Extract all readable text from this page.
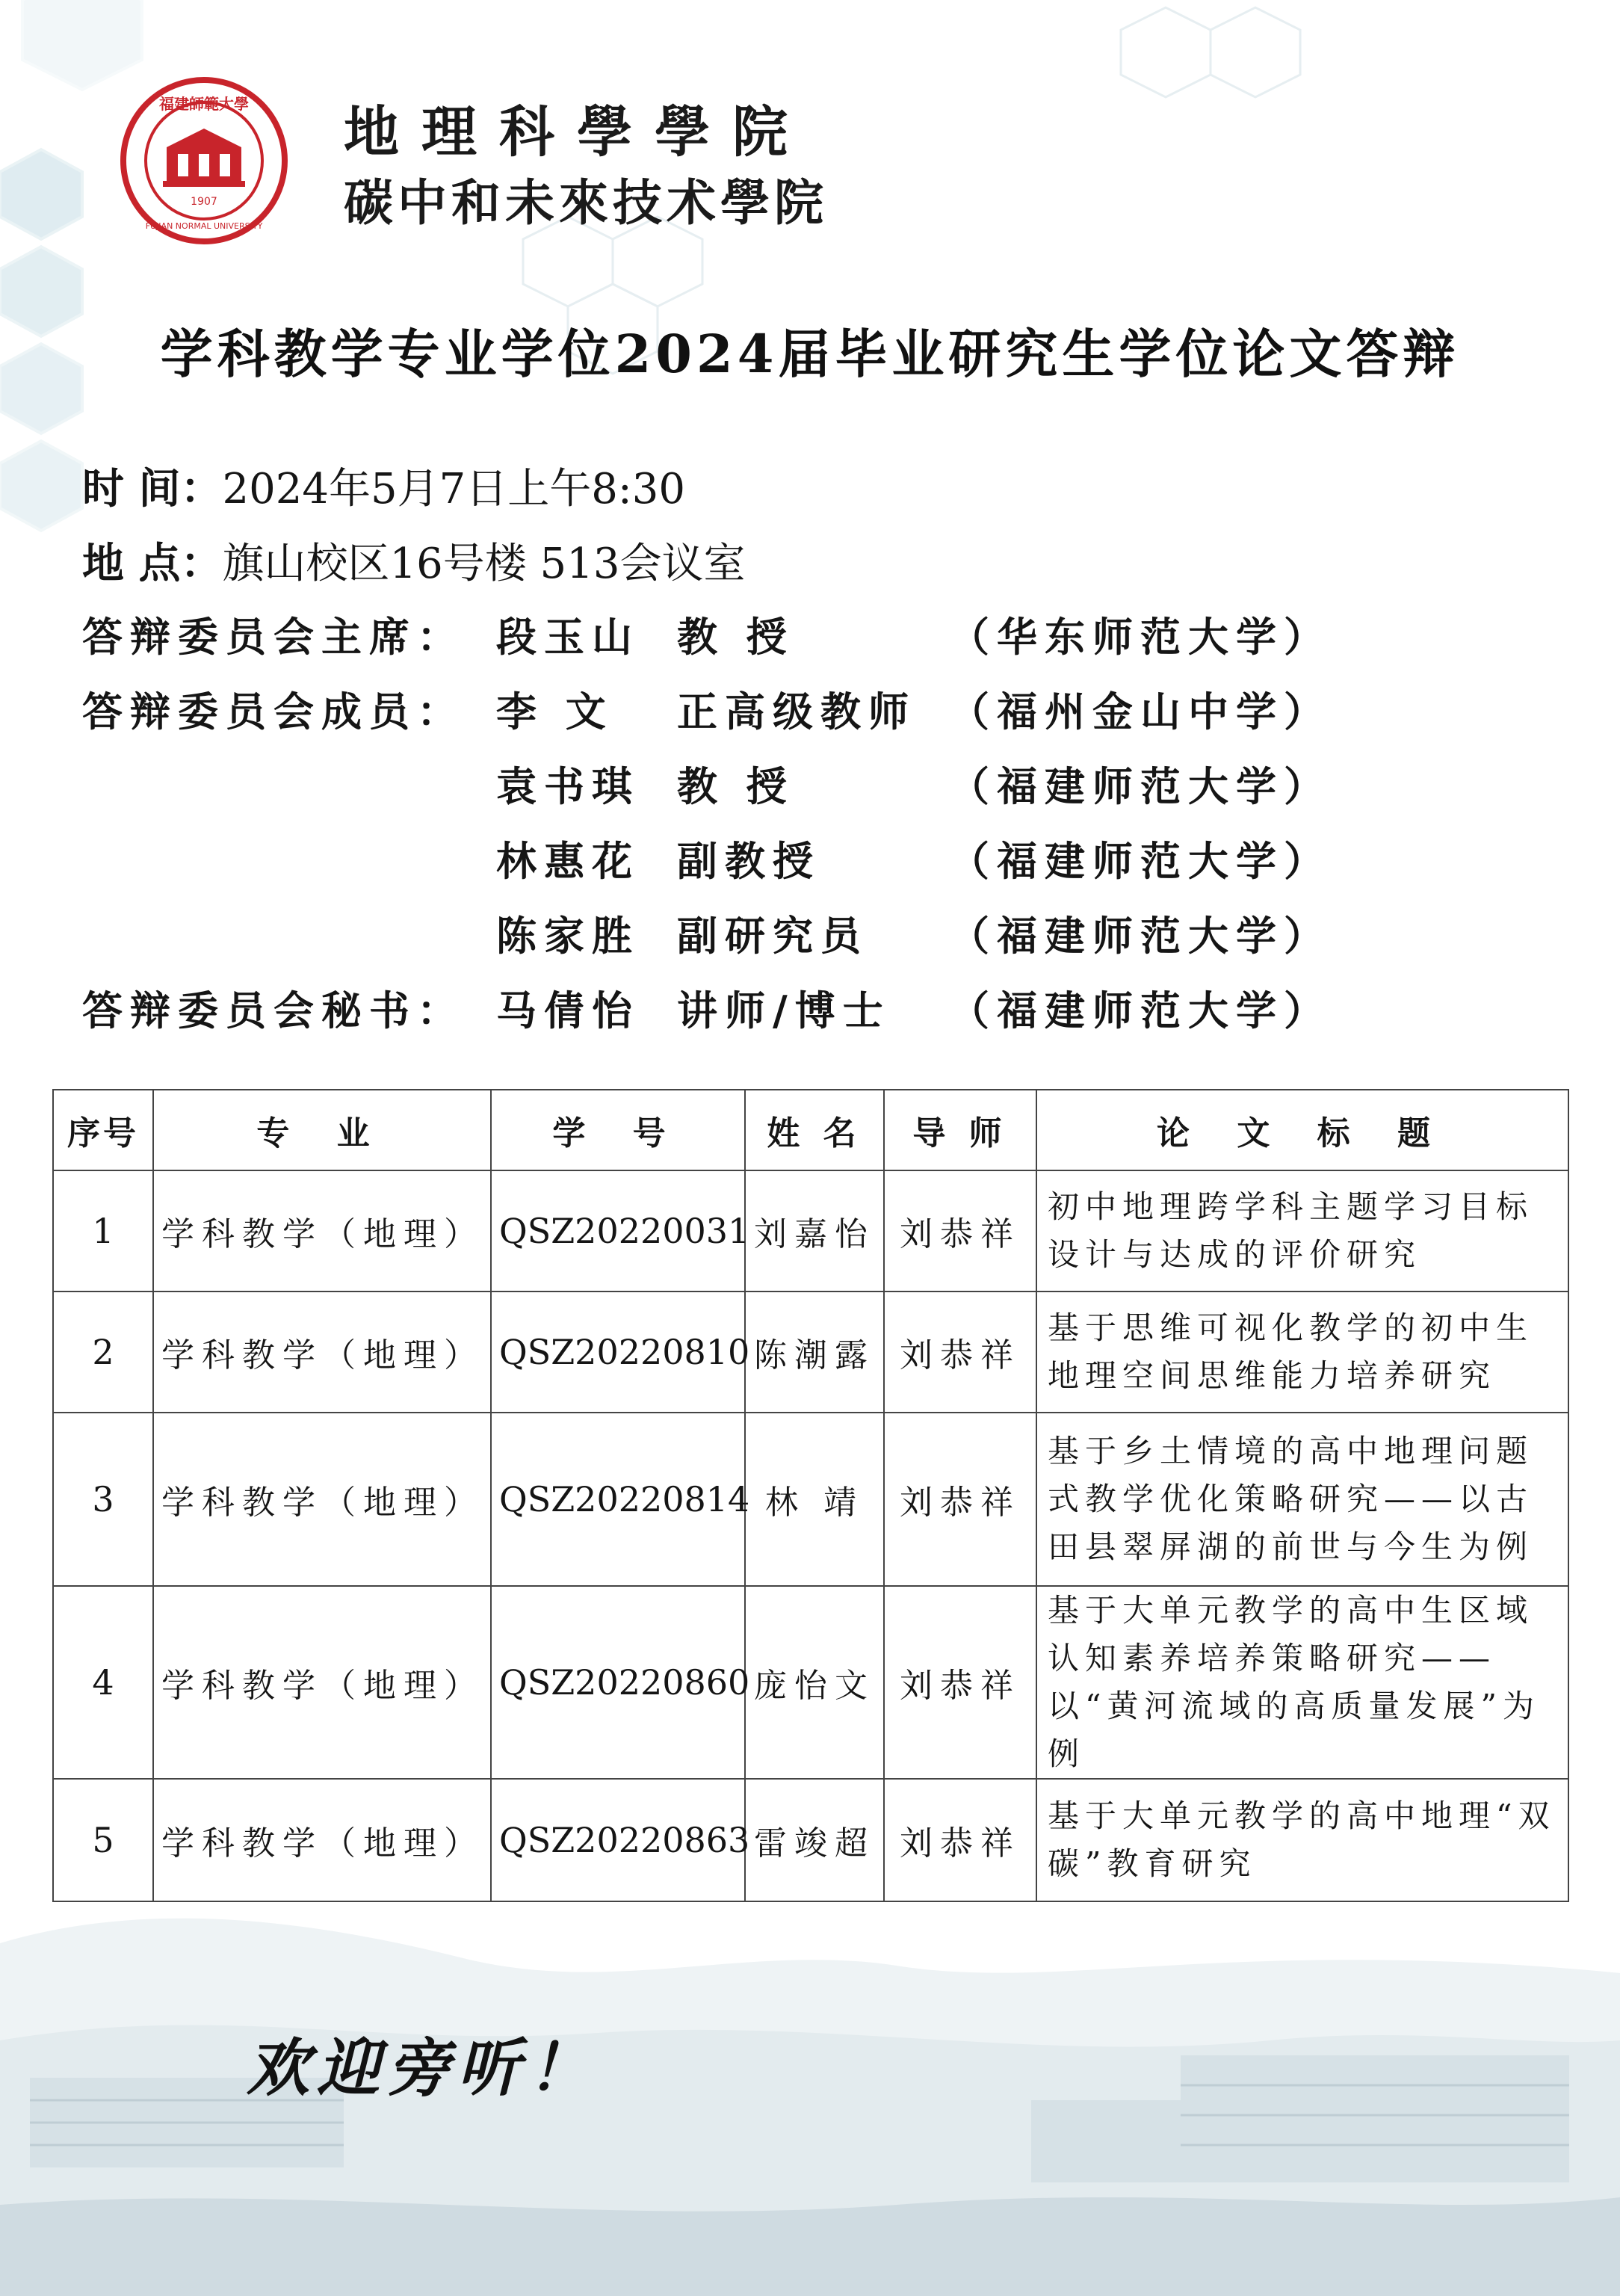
1907
福建師範大學
FUJIAN NORMAL UNIVERSITY
地理科學學院
碳中和未來技术學院
学科教学专业学位2024届毕业研究生学位论文答辩
时 间：2024年5月7日上午8:30
地 点：旗山校区16号楼 513会议室
答辩委员会主席： 段玉山 教 授	（华东师范大学）
答辩委员会成员： 李 文 正高级教师 （福州金山中学）
袁书琪 教 授	（福建师范大学）
林惠花 副教授	（福建师范大学）
陈家胜 副研究员 （福建师范大学）
答辩委员会秘书： 马倩怡 讲师/博士 （福建师范大学）
序号	专 业	学 号	姓 名	导 师	论 文 标 题
1	学科教学（地理）	QSZ20220031	刘嘉怡	刘恭祥	初中地理跨学科主题学习目标设计与达成的评价研究
2	学科教学（地理）	QSZ20220810	陈潮露	刘恭祥	基于思维可视化教学的初中生地理空间思维能力培养研究
3	学科教学（地理）	QSZ20220814	林 靖	刘恭祥	基于乡土情境的高中地理问题式教学优化策略研究——以古田县翠屏湖的前世与今生为例
4	学科教学（地理）	QSZ20220860	庞怡文	刘恭祥	基于大单元教学的高中生区域认知素养培养策略研究——以“黄河流域的高质量发展”为例
5	学科教学（地理）	QSZ20220863	雷竣超	刘恭祥	基于大单元教学的高中地理“双碳”教育研究
欢迎旁听！
